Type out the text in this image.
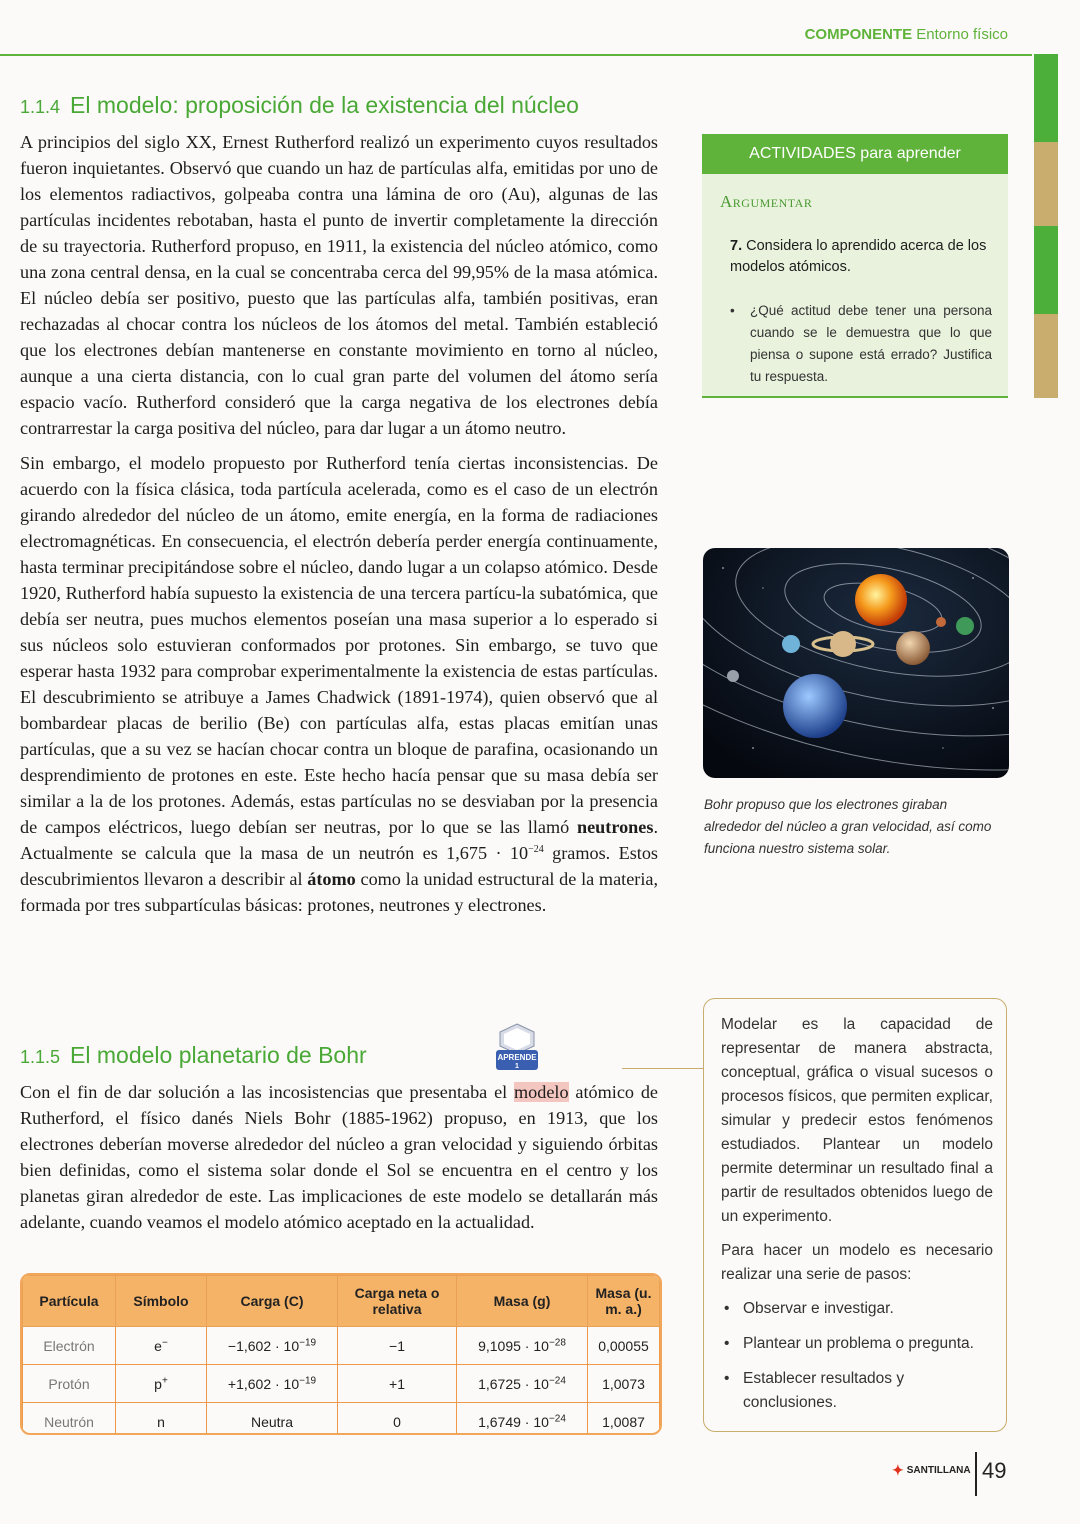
COMPONENTE Entorno físico
1.1.4 El modelo: proposición de la existencia del núcleo

A principios del siglo XX, Ernest Rutherford realizó un experimento cuyos resultados fueron inquietantes. Observó que cuando un haz de partículas alfa, emitidas por uno de los elementos radiactivos, golpeaba contra una lámina de oro (Au), algunas de las partículas incidentes rebotaban, hasta el punto de invertir completamente la dirección de su trayectoria. Rutherford propuso, en 1911, la existencia del núcleo atómico, como una zona central densa, en la cual se concentraba cerca del 99,95% de la masa atómica. El núcleo debía ser positivo, puesto que las partículas alfa, también positivas, eran rechazadas al chocar contra los núcleos de los átomos del metal. También estableció que los electrones debían mantenerse en constante movimiento en torno al núcleo, aunque a una cierta distancia, con lo cual gran parte del volumen del átomo sería espacio vacío. Rutherford consideró que la carga negativa de los electrones debía contrarrestar la carga positiva del núcleo, para dar lugar a un átomo neutro.

Sin embargo, el modelo propuesto por Rutherford tenía ciertas inconsistencias. De acuerdo con la física clásica, toda partícula acelerada, como es el caso de un electrón girando alrededor del núcleo de un átomo, emite energía, en la forma de radiaciones electromagnéticas. En consecuencia, el electrón debería perder energía continuamente, hasta terminar precipitándose sobre el núcleo, dando lugar a un colapso atómico. Desde 1920, Rutherford había supuesto la existencia de una tercera partícu-la subatómica, que debía ser neutra, pues muchos elementos poseían una masa superior a lo esperado si sus núcleos solo estuvieran conformados por protones. Sin embargo, se tuvo que esperar hasta 1932 para comprobar experimentalmente la existencia de estas partículas. El descubrimiento se atribuye a James Chadwick (1891-1974), quien observó que al bombardear placas de berilio (Be) con partículas alfa, estas placas emitían unas partículas, que a su vez se hacían chocar contra un bloque de parafina, ocasionando un desprendimiento de protones en este. Este hecho hacía pensar que su masa debía ser similar a la de los protones. Además, estas partículas no se desviaban por la presencia de campos eléctricos, luego debían ser neutras, por lo que se las llamó neutrones. Actualmente se calcula que la masa de un neutrón es $1,675 \cdot 10^{-24}$ gramos. Estos descubrimientos llevaron a describir al átomo como la unidad estructural de la materia, formada por tres subpartículas básicas: protones, neutrones y electrones.

1.1.5 El modelo planetario de Bohr	APRENDE
1

Con el fin de dar solución a las incosistencias que presentaba el modelo atómico de Rutherford, el físico danés Niels Bohr (1885-1962) propuso, en 1913, que los electrones deberían moverse alrededor del núcleo a gran velocidad y siguiendo órbitas bien definidas, como el sistema solar donde el Sol se encuentra en el centro y los planetas giran alrededor de este. Las implicaciones de este modelo se detallarán más adelante, cuando veamos el modelo atómico aceptado en la actualidad.

Partícula	Símbolo	Carga (C)	Carga neta o relativa	Masa (g)	Masa (u. m. a.)
Electrón	e−	$-1,602 \cdot 10^{-19}$	−1	$9,1095 \cdot 10^{-28}$	0,00055
Protón	p+	$+1,602 \cdot 10^{-19}$	+1	$1,6725 \cdot 10^{-24}$	1,0073
Neutrón	n	Neutra	0	$1,6749 \cdot 10^{-24}$	1,0087
ACTIVIDADES para aprender
Argumentar
7. Considera lo aprendido acerca de los modelos atómicos.
• ¿Qué actitud debe tener una persona cuando se le demuestra que lo que piensa o supone está errado? Justifica tu respuesta.
Bohr propuso que los electrones giraban alrededor del núcleo a gran velocidad, así como funciona nuestro sistema solar.

Modelar es la capacidad de representar de manera abstracta, conceptual, gráfica o visual sucesos o procesos físicos, que permiten explicar, simular y predecir estos fenómenos estudiados. Plantear un modelo permite determinar un resultado final a partir de resultados obtenidos luego de un experimento.

Para hacer un modelo es necesario realizar una serie de pasos:

• Observar e investigar.
• Plantear un problema o pregunta.
• Establecer resultados y conclusiones.
✦ SANTILLANA 49
